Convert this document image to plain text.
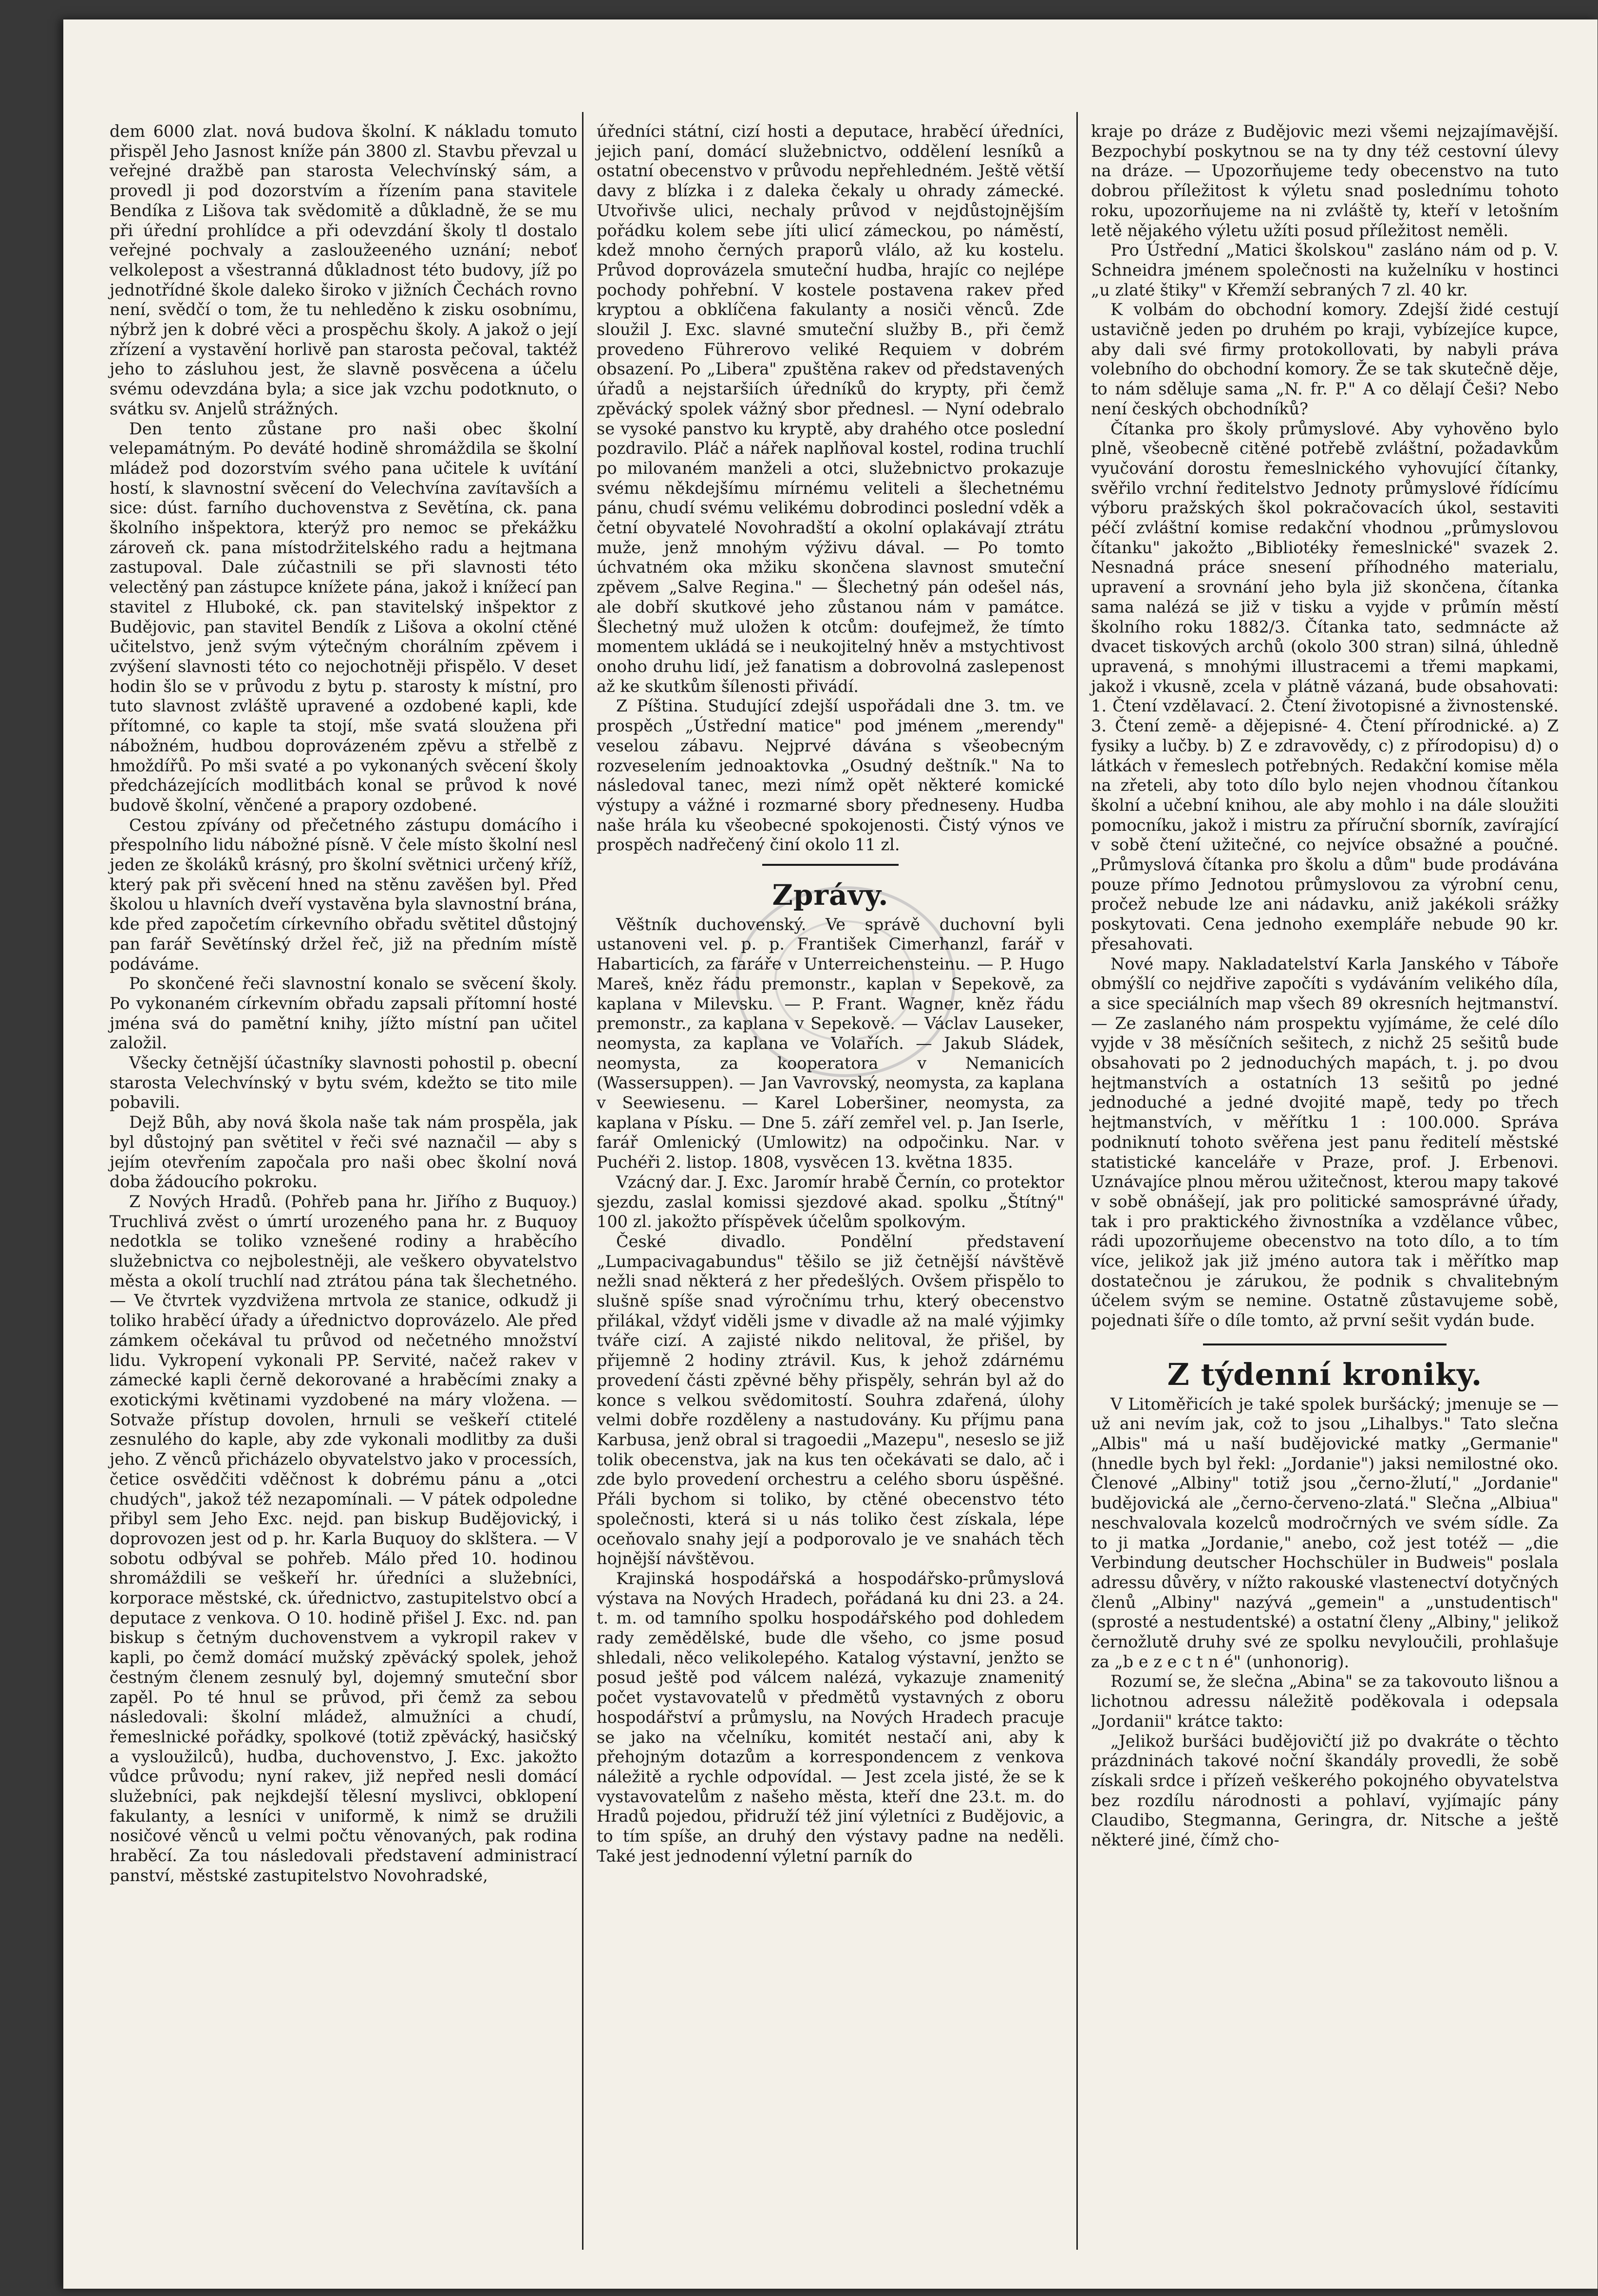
dem 6000 zlat. nová budova školní. K nákladu tomuto přispěl Jeho Jasnost kníže pán 3800 zl. Stavbu převzal u veřejné dražbě pan starosta Velechvínský sám, a provedl ji pod dozorstvím a řízením pana stavitele Bendíka z Lišova tak svědomitě a důkladně, že se mu při úřední prohlídce a při odevzdání školy tl dostalo veřejné pochvaly a zasloužeeného uznání; neboť velkolepost a všestranná důkladnost této budovy, jíž po jednotřídné škole daleko široko v jižních Čechách rovno není, svědčí o tom, že tu nehleděno k zisku osobnímu, nýbrž jen k dobré věci a prospěchu školy. A jakož o její zřízení a vystavění horlivě pan starosta pečoval, taktéž jeho to zásluhou jest, že slavně posvěcena a účelu svému odevzdána byla; a sice jak vzchu podotknuto, o svátku sv. Anjelů strážných.

Den tento zůstane pro naši obec školní velepamátným. Po deváté hodině shromáždila se školní mládež pod dozorstvím svého pana učitele k uvítání hostí, k slavnostní svěcení do Velechvína zavítavších a sice: dúst. farního duchovenstva z Sevětína, ck. pana školního inšpektora, kterýž pro nemoc se překážku zároveň ck. pana místodržitelského radu a hejtmana zastupoval. Dale zúčastnili se při slavnosti této velectěný pan zástupce knížete pána, jakož i knížecí pan stavitel z Hluboké, ck. pan stavitelský inšpektor z Budějovic, pan stavitel Bendík z Lišova a okolní ctěné učitelstvo, jenž svým výtečným chorálním zpěvem i zvýšení slavnosti této co nejochotněji přispělo. V deset hodin šlo se v průvodu z bytu p. starosty k místní, pro tuto slavnost zvláště upravené a ozdobené kapli, kde přítomné, co kaple ta stojí, mše svatá sloužena při nábožném, hudbou doprovázeném zpěvu a střelbě z hmoždířů. Po mši svaté a po vykonaných svěcení školy předcházejících modlitbách konal se průvod k nové budově školní, věnčené a prapory ozdobené.

Cestou zpívány od přečetného zástupu domácího i přespolního lidu nábožné písně. V čele místo školní nesl jeden ze školáků krásný, pro školní světnici určený kříž, který pak při svěcení hned na stěnu zavěšen byl. Před školou u hlavních dveří vystavěna byla slavnostní brána, kde před započetím církevního obřadu světitel důstojný pan farář Sevětínský držel řeč, již na předním místě podáváme.

Po skončené řeči slavnostní konalo se svěcení školy. Po vykonaném církevním obřadu zapsali přítomní hosté jména svá do pamětní knihy, jížto místní pan učitel založil.

Všecky četnější účastníky slavnosti pohostil p. obecní starosta Velechvínský v bytu svém, kdežto se tito mile pobavili.

Dejž Bůh, aby nová škola naše tak nám prospěla, jak byl důstojný pan světitel v řeči své naznačil — aby s jejím otevřením započala pro naši obec školní nová doba žádoucího pokroku.

Z Nových Hradů. (Pohřeb pana hr. Jiřího z Buquoy.) Truchlivá zvěst o úmrtí urozeného pana hr. z Buquoy nedotkla se toliko vznešené rodiny a hraběcího služebnictva co nejbolestněji, ale veškero obyvatelstvo města a okolí truchlí nad ztrátou pána tak šlechetného. — Ve čtvrtek vyzdvižena mrtvola ze stanice, odkudž ji toliko hraběcí úřady a úřednictvo doprovázelo. Ale před zámkem očekával tu průvod od nečetného množství lidu. Vykropení vykonali PP. Servité, načež rakev v zámecké kapli černě dekorované a hraběcími znaky a exotickými květinami vyzdobené na máry vložena. — Sotvaže přístup dovolen, hrnuli se veškeří ctitelé zesnulého do kaple, aby zde vykonali modlitby za duši jeho. Z věnců přicházelo obyvatelstvo jako v processích, četice osvědčiti vděčnost k dobrému pánu a „otci chudých", jakož též nezapomínali. — V pátek odpoledne přibyl sem Jeho Exc. nejd. pan biskup Budějovický, i doprovozen jest od p. hr. Karla Buquoy do sklštera. — V sobotu odbýval se pohřeb. Málo před 10. hodinou shromáždili se veškeří hr. úředníci a služebníci, korporace městské, ck. úřednictvo, zastupitelstvo obcí a deputace z venkova. O 10. hodině přišel J. Exc. nd. pan biskup s četným duchovenstvem a vykropil rakev v kapli, po čemž domácí mužský zpěvácký spolek, jehož čestným členem zesnulý byl, dojemný smuteční sbor zapěl. Po té hnul se průvod, při čemž za sebou následovali: školní mládež, almužníci a chudí, řemeslnické pořádky, spolkové (totiž zpěvácký, hasičský a vysloužilců), hudba, duchovenstvo, J. Exc. jakožto vůdce průvodu; nyní rakev, již nepřed nesli domácí služebníci, pak nejkdejší tělesní myslivci, obklopení fakulanty, a lesníci v uniformě, k nimž se družili nosičové věnců u velmi počtu věnovaných, pak rodina hraběcí. Za tou následovali představení administrací panství, městské zastupitelstvo Novohradské,

úředníci státní, cizí hosti a deputace, hraběcí úředníci, jejich paní, domácí služebnictvo, oddělení lesníků a ostatní obecenstvo v průvodu nepřehledném. Ještě větší davy z blízka i z daleka čekaly u ohrady zámecké. Utvořivše ulici, nechaly průvod v nejdůstojnějším pořádku kolem sebe jíti ulicí zámeckou, po náměstí, kdež mnoho černých praporů vlálo, až ku kostelu. Průvod doprovázela smuteční hudba, hrajíc co nejlépe pochody pohřební. V kostele postavena rakev před kryptou a obklíčena fakulanty a nosiči věnců. Zde sloužil J. Exc. slavné smuteční služby B., při čemž provedeno Führerovo veliké Requiem v dobrém obsazení. Po „Libera" zpuštěna rakev od představených úřadů a nejstaršiích úředníků do krypty, při čemž zpěvácký spolek vážný sbor přednesl. — Nyní odebralo se vysoké panstvo ku kryptě, aby drahého otce poslední pozdravilo. Pláč a nářek naplňoval kostel, rodina truchlí po milovaném manželi a otci, služebnictvo prokazuje svému někdejšímu mírnému veliteli a šlechetnému pánu, chudí svému velikému dobrodinci poslední vděk a četní obyvatelé Novohradští a okolní oplakávají ztrátu muže, jenž mnohým výživu dával. — Po tomto úchvatném oka mžiku skončena slavnost smuteční zpěvem „Salve Regina." — Šlechetný pán odešel nás, ale dobří skutkové jeho zůstanou nám v památce. Šlechetný muž uložen k otcům: doufejmež, že tímto momentem ukládá se i neukojitelný hněv a mstychtivost onoho druhu lidí, jež fanatism a dobrovolná zaslepenost až ke skutkům šílenosti přivádí.

Z Píština. Studující zdejší uspořádali dne 3. tm. ve prospěch „Ústřední matice" pod jménem „merendy" veselou zábavu. Nejprvé dávána s všeobecným rozveselením jednoaktovka „Osudný deštník." Na to následoval tanec, mezi nímž opět některé komické výstupy a vážné i rozmarné sbory předneseny. Hudba naše hrála ku všeobecné spokojenosti. Čistý výnos ve prospěch nadřečený činí okolo 11 zl.

Zprávy.

Věštník duchovenský. Ve správě duchovní byli ustanoveni vel. p. p. František Cimerhanzl, farář v Habarticích, za faráře v Unterreichensteinu. — P. Hugo Mareš, kněz řádu premonstr., kaplan v Sepekově, za kaplana v Milevsku. — P. Frant. Wagner, kněz řádu premonstr., za kaplana v Sepekově. — Václav Lauseker, neomysta, za kaplana ve Volařích. — Jakub Sládek, neomysta, za kooperatora v Nemanicích (Wassersuppen). — Jan Vavrovský, neomysta, za kaplana v Seewiesenu. — Karel Loberšiner, neomysta, za kaplana v Písku. — Dne 5. září zemřel vel. p. Jan Iserle, farář Omlenický (Umlowitz) na odpočinku. Nar. v Puchéři 2. listop. 1808, vysvěcen 13. května 1835.

Vzácný dar. J. Exc. Jaromír hrabě Černín, co protektor sjezdu, zaslal komissi sjezdové akad. spolku „Štítný" 100 zl. jakožto příspěvek účelům spolkovým.

České divadlo. Pondělní představení „Lumpacivagabundus" těšilo se již četnější návštěvě nežli snad některá z her předešlých. Ovšem přispělo to slušně spíše snad výročnímu trhu, který obecenstvo přilákal, vždyť viděli jsme v divadle až na malé výjimky tváře cizí. A zajisté nikdo nelitoval, že přišel, by přijemně 2 hodiny ztrávil. Kus, k jehož zdárnému provedení části zpěvné běhy přispěly, sehrán byl až do konce s velkou svědomitostí. Souhra zdařená, úlohy velmi dobře rozděleny a nastudovány. Ku příjmu pana Karbusa, jenž obral si tragoedii „Mazepu", neseslo se již tolik obecenstva, jak na kus ten očekávati se dalo, ač i zde bylo provedení orchestru a celého sboru úspěšné. Přáli bychom si toliko, by ctěné obecenstvo této společnosti, která si u nás toliko čest získala, lépe oceňovalo snahy její a podporovalo je ve snahách těch hojnější návštěvou.

Krajinská hospodářská a hospodářsko-průmyslová výstava na Nových Hradech, pořádaná ku dni 23. a 24. t. m. od tamního spolku hospodářského pod dohledem rady zemědělské, bude dle všeho, co jsme posud shledali, něco velikolepého. Katalog výstavní, jenžto se posud ještě pod válcem nalézá, vykazuje znamenitý počet vystavovatelů v předmětů vystavných z oboru hospodářství a průmyslu, na Nových Hradech pracuje se jako na včelníku, komitét nestačí ani, aby k přehojným dotazům a korrespondencem z venkova náležitě a rychle odpovídal. — Jest zcela jisté, že se k vystavovatelům z našeho města, kteří dne 23.t. m. do Hradů pojedou, přidruží též jiní výletníci z Budějovic, a to tím spíše, an druhý den výstavy padne na neděli. Také jest jednodenní výletní parník do

kraje po dráze z Budějovic mezi všemi nejzajímavější. Bezpochybí poskytnou se na ty dny též cestovní úlevy na dráze. — Upozorňujeme tedy obecenstvo na tuto dobrou příležitost k výletu snad poslednímu tohoto roku, upozorňujeme na ni zvláště ty, kteří v letošním letě nějakého výletu užíti posud příležitost neměli.

Pro Ústřední „Matici školskou" zasláno nám od p. V. Schneidra jménem společnosti na kuželníku v hostinci „u zlaté štiky" v Křemží sebraných 7 zl. 40 kr.

K volbám do obchodní komory. Zdejší židé cestují ustavičně jeden po druhém po kraji, vybízejíce kupce, aby dali své firmy protokollovati, by nabyli práva volebního do obchodní komory. Že se tak skutečně děje, to nám sděluje sama „N. fr. P." A co dělají Češi? Nebo není českých obchodníků?

Čítanka pro školy průmyslové. Aby vyhověno bylo plně, všeobecně citěné potřebě zvláštní, požadavkům vyučování dorostu řemeslnického vyhovující čítanky, svěřilo vrchní ředitelstvo Jednoty průmyslové řídícímu výboru pražských škol pokračovacích úkol, sestaviti péčí zvláštní komise redakční vhodnou „průmyslovou čítanku" jakožto „Bibliotéky řemeslnické" svazek 2. Nesnadná práce snesení příhodného materialu, upravení a srovnání jeho byla již skončena, čítanka sama nalézá se již v tisku a vyjde v průmín městí školního roku 1882/3. Čítanka tato, sedmnácte až dvacet tiskových archů (okolo 300 stran) silná, úhledně upravená, s mnohými illustracemi a třemi mapkami, jakož i vkusně, zcela v plátně vázaná, bude obsahovati: 1. Čtení vzdělavací. 2. Čtení životopisné a živnostenské. 3. Čtení země- a dějepisné- 4. Čtení přírodnické. a) Z fysiky a lučby. b) Z e zdravovědy, c) z přírodopisu) d) o látkách v řemeslech potřebných. Redakční komise měla na zřeteli, aby toto dílo bylo nejen vhodnou čítankou školní a učební knihou, ale aby mohlo i na dále sloužiti pomocníku, jakož i mistru za příruční sborník, zavírající v sobě čtení užitečné, co nejvíce obsažné a poučné. „Průmyslová čítanka pro školu a dům" bude prodávána pouze přímo Jednotou průmyslovou za výrobní cenu, pročež nebude lze ani nádavku, aniž jakékoli srážky poskytovati. Cena jednoho exempláře nebude 90 kr. přesahovati.

Nové mapy. Nakladatelství Karla Janského v Táboře obmýšlí co nejdřive započíti s vydáváním velikého díla, a sice speciálních map všech 89 okresních hejtmanství. — Ze zaslaného nám prospektu vyjímáme, že celé dílo vyjde v 38 měsíčních sešitech, z nichž 25 sešitů bude obsahovati po 2 jednoduchých mapách, t. j. po dvou hejtmanstvích a ostatních 13 sešitů po jedné jednoduché a jedné dvojité mapě, tedy po třech hejtmanstvích, v měřítku 1 : 100.000. Správa podniknutí tohoto svěřena jest panu ředitelí městské statistické kanceláře v Praze, prof. J. Erbenovi. Uznávajíce plnou měrou užitečnost, kterou mapy takové v sobě obnášejí, jak pro politické samosprávné úřady, tak i pro praktického živnostníka a vzdělance vůbec, rádi upozorňujeme obecenstvo na toto dílo, a to tím více, jelikož jak již jméno autora tak i měřítko map dostatečnou je zárukou, že podnik s chvalitebným účelem svým se nemine. Ostatně zůstavujeme sobě, pojednati šíře o díle tomto, až první sešit vydán bude.

Z týdenní kroniky.

V Litoměřicích je také spolek buršácký; jmenuje se — už ani nevím jak, což to jsou „Lihalbys." Tato slečna „Albis" má u naší budějovické matky „Germanie" (hnedle bych byl řekl: „Jordanie") jaksi nemilostné oko. Členové „Albiny" totiž jsou „černo-žlutí," „Jordanie" budějovická ale „černo-červeno-zlatá." Slečna „Albiua" neschvalovala kozelců modročrných ve svém sídle. Za to ji matka „Jordanie," anebo, což jest totéž — „die Verbindung deutscher Hochschüler in Budweis" poslala adressu důvěry, v nížto rakouské vlastenectví dotyčných členů „Albiny" nazývá „gemein" a „unstudentisch" (sprosté a nestudentské) a ostatní členy „Albiny," jelikož černožlutě druhy své ze spolku nevyloučili, prohlašuje za „b e z e c t n é" (unhonorig).

Rozumí se, že slečna „Abina" se za takovouto lišnou a lichotnou adressu náležitě poděkovala i odepsala „Jordanii" krátce takto:

„Jelikož buršáci budějovičtí již po dvakráte o těchto prázdninách takové noční škandály provedli, že sobě získali srdce i přízeň veškerého pokojného obyvatelstva bez rozdílu národnosti a pohlaví, vyjímajíc pány Claudibo, Stegmanna, Geringra, dr. Nitsche a ještě některé jiné, čímž cho-
